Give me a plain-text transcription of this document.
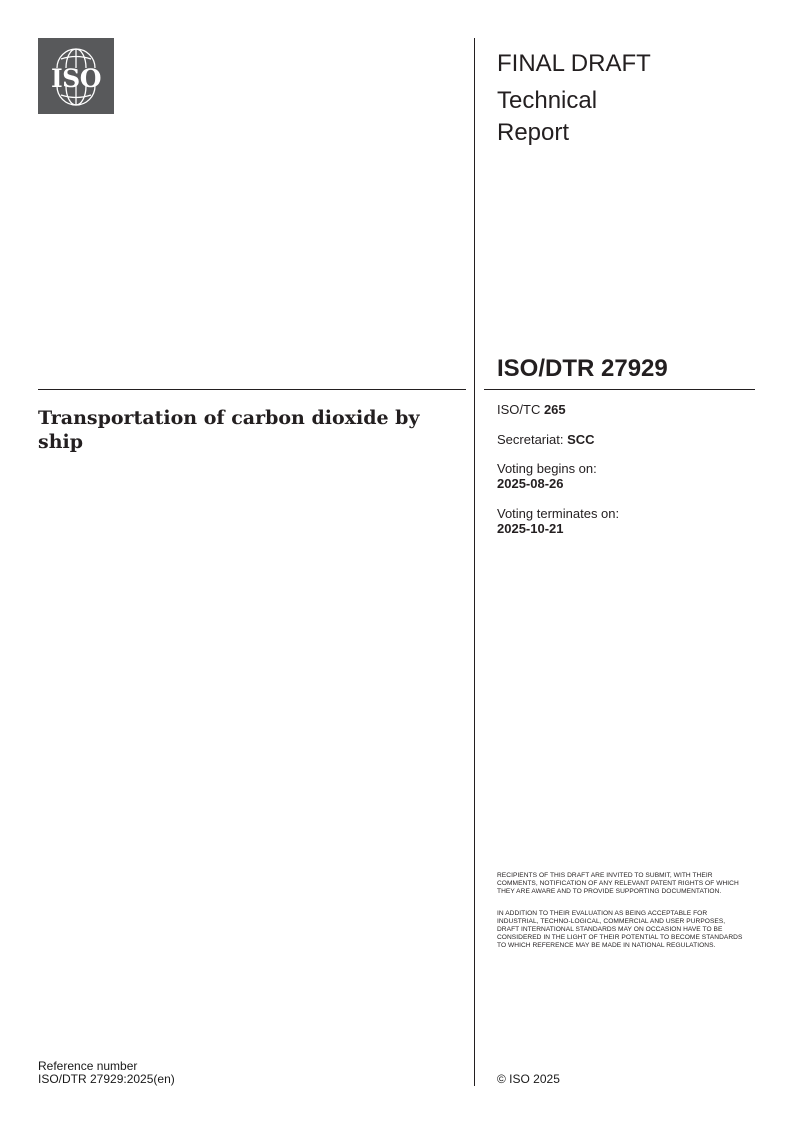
ISO
FINAL DRAFT
Technical
Report
ISO/DTR 27929
Transportation of carbon dioxide by ship
ISO/TC 265
Secretariat: SCC
Voting begins on:
2025-08-26
Voting terminates on:
2025-10-21
RECIPIENTS OF THIS DRAFT ARE INVITED TO SUBMIT, WITH THEIR COMMENTS, NOTIFICATION OF ANY RELEVANT PATENT RIGHTS OF WHICH THEY ARE AWARE AND TO PROVIDE SUPPORTING DOCUMENTATION.
IN ADDITION TO THEIR EVALUATION AS BEING ACCEPTABLE FOR INDUSTRIAL, TECHNO-LOGICAL, COMMERCIAL AND USER PURPOSES, DRAFT INTERNATIONAL STANDARDS MAY ON OCCASION HAVE TO BE CONSIDERED IN THE LIGHT OF THEIR POTENTIAL TO BECOME STANDARDS TO WHICH REFERENCE MAY BE MADE IN NATIONAL REGULATIONS.
Reference number
ISO/DTR 27929:2025(en)	© ISO 2025
